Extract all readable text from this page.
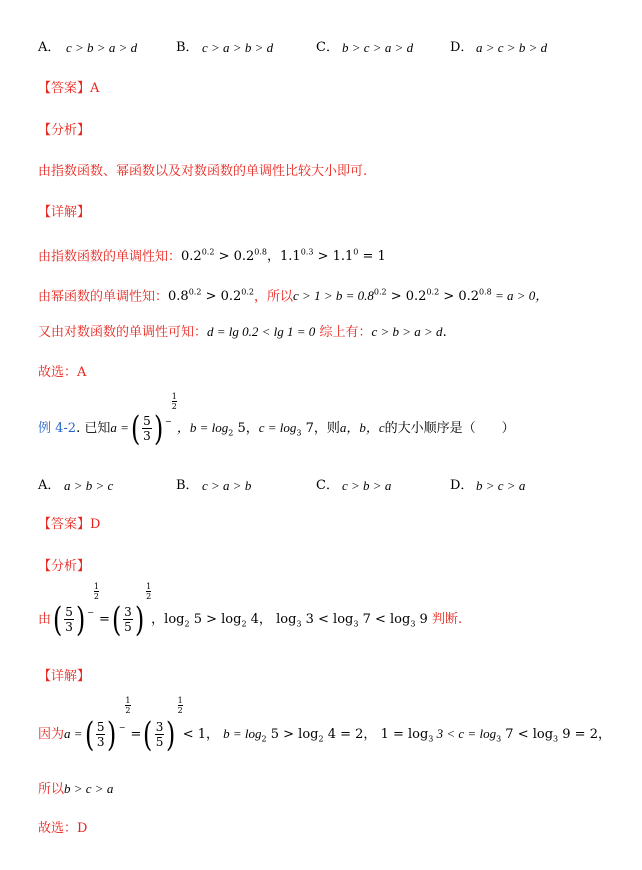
A． c > b > a > d	B． c > a > b > d	C． b > c > a > d	D． a > c > b > d
【答案】A
【分析】
由指数函数、幂函数以及对数函数的单调性比较大小即可.
【详解】
由指数函数的单调性知：$0.2^{0.2} > 0.2^{0.8}$，$1.1^{0.3} > 1.1^0 = 1$
由幂函数的单调性知：$0.8^{0.2} > 0.2^{0.2}$，所以$c > 1 > b = 0.8^{0.2} > 0.2^{0.2} > 0.2^{0.8} = a > 0$，
又由对数函数的单调性可知：d = lg 0.2 < lg 1 = 0 综上有：c > b > a > d.
故选：A
例 4-2. 已知a =( $\frac{5}{3}$ ) −
$\frac{1}{2}$
，$b = \log_2 5$，$c = \log_3 7$，则a，b，c的大小顺序是（　　）
A． a > b > c	B． c > a > b	C． c > b > a	D． b > c > a
【答案】D
【分析】
由( $\frac{5}{3}$ ) −
$\frac{1}{2}$
=( $\frac{3}{5}$ )
$\frac{1}{2}$
，$\log_2 5 > \log_2 4$， $\log_3 3 < \log_3 7 < \log_3 9$ 判断.
【详解】
因为a =( $\frac{5}{3}$ ) −
$\frac{1}{2}$
=( $\frac{3}{5}$ )
$\frac{1}{2}$
< 1， $b = \log_2 5 > \log_2 4 = 2$， $1 = \log_3 3 < c = \log_3 7 < \log_3 9 = 2$，
所以b > c > a
故选：D
